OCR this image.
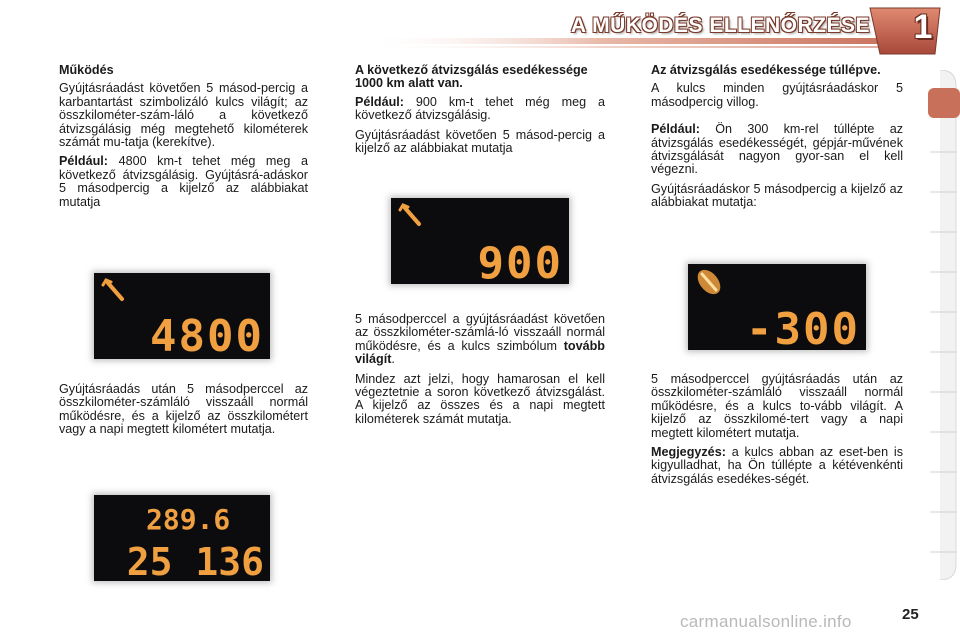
A MŰKÖDÉS ELLENŐRZÉSE 1

Működés

Gyújtásráadást követően 5 másod-percig a karbantartást szimbolizáló kulcs világít; az összkilométer-szám-láló a következő átvizsgálásig még megtehető kilométerek számát mu-tatja (kerekítve).

Például: 4800 km-t tehet még meg a következő átvizsgálásig. Gyújtásrá-adáskor 5 másodpercig a kijelző az alábbiakat mutatja

Gyújtásráadás után 5 másodperccel az összkilométer-számláló visszaáll normál működésre, és a kijelző az összkilométert vagy a napi megtett kilométert mutatja.

A következő átvizsgálás esedékessége 1000 km alatt van.

Például: 900 km-t tehet még meg a következő átvizsgálásig.

Gyújtásráadást követően 5 másod-percig a kijelző az alábbiakat mutatja

5 másodperccel a gyújtásráadást követően az összkilométer-számlá-ló visszaáll normál működésre, és a kulcs szimbólum tovább világít.

Mindez azt jelzi, hogy hamarosan el kell végeztetnie a soron következő átvizsgálást. A kijelző az összes és a napi megtett kilométerek számát mutatja.

Az átvizsgálás esedékessége túllépve.

A kulcs minden gyújtásráadáskor 5 másodpercig villog.

Például: Ön 300 km-rel túllépte az átvizsgálás esedékességét, gépjár-művének átvizsgálását nagyon gyor-san el kell végezni.

Gyújtásráadáskor 5 másodpercig a kijelző az alábbiakat mutatja:

5 másodperccel gyújtásráadás után az összkilométer-számláló visszaáll normál működésre, és a kulcs to-vább világít. A kijelző az összkilomé-tert vagy a napi megtett kilométert mutatja.

Megjegyzés: a kulcs abban az eset-ben is kigyulladhat, ha Ön túllépte a kétévenkénti átvizsgálás esedékes-ségét.

4800
900
-300
289.6
25 136
carmanualsonline.info	25
